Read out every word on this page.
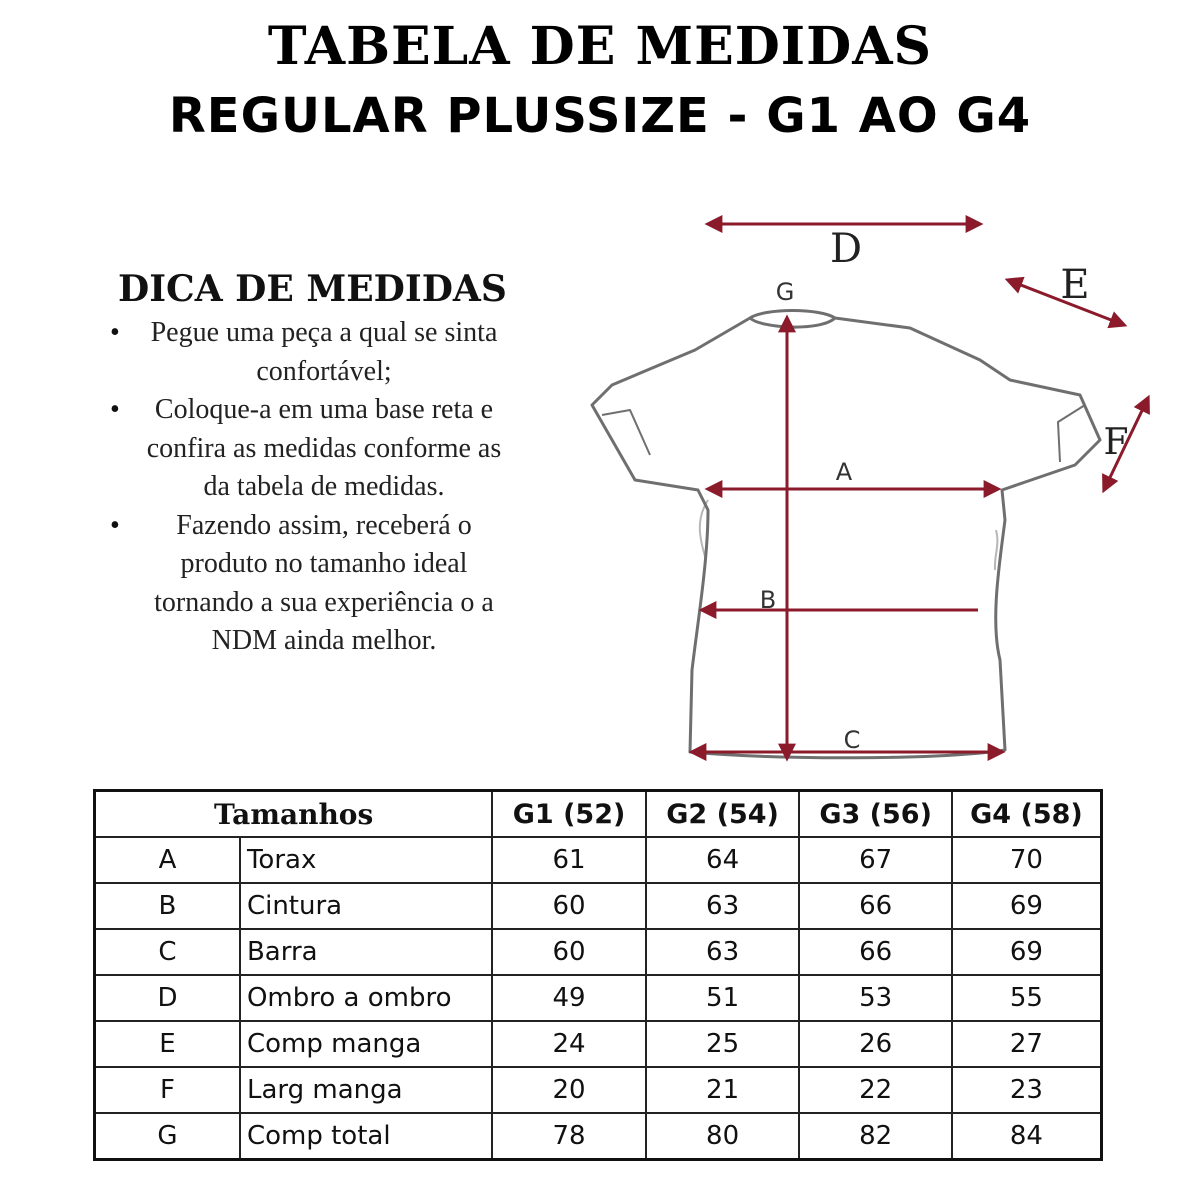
TABELA DE MEDIDAS
REGULAR PLUSSIZE - G1 AO G4
DICA DE MEDIDAS
• Pegue uma peça a qual se sinta confortável;
• Coloque-a em uma base reta e confira as medidas conforme as da tabela de medidas.
• Fazendo assim, receberá o produto no tamanho ideal tornando a sua experiência o a NDM ainda melhor.
D
E
F
G
A
B
C
Tamanhos		G1 (52)	G2 (54)	G3 (56)	G4 (58)
A	Torax	61	64	67	70
B	Cintura	60	63	66	69
C	Barra	60	63	66	69
D	Ombro a ombro	49	51	53	55
E	Comp manga	24	25	26	27
F	Larg manga	20	21	22	23
G	Comp total	78	80	82	84
